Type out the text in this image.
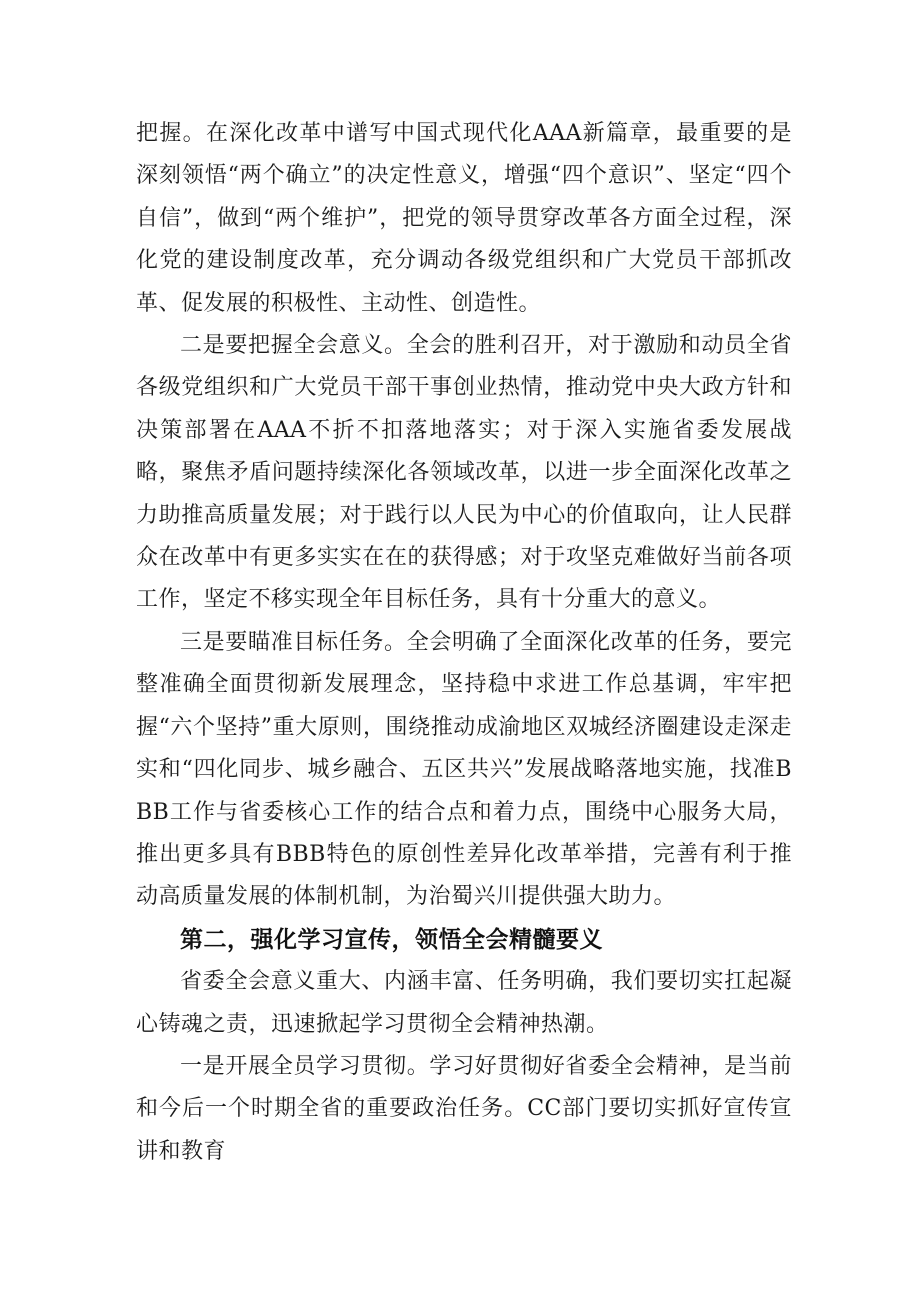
把握。在深化改革中谱写中国式现代化AAA新篇章，最重要的是深刻领悟“两个确立”的决定性意义，增强“四个意识”、坚定“四个自信”，做到“两个维护”，把党的领导贯穿改革各方面全过程，深化党的建设制度改革，充分调动各级党组织和广大党员干部抓改革、促发展的积极性、主动性、创造性。

二是要把握全会意义。全会的胜利召开，对于激励和动员全省各级党组织和广大党员干部干事创业热情，推动党中央大政方针和决策部署在AAA不折不扣落地落实；对于深入实施省委发展战略，聚焦矛盾问题持续深化各领域改革，以进一步全面深化改革之力助推高质量发展；对于践行以人民为中心的价值取向，让人民群众在改革中有更多实实在在的获得感；对于攻坚克难做好当前各项工作，坚定不移实现全年目标任务，具有十分重大的意义。

三是要瞄准目标任务。全会明确了全面深化改革的任务，要完整准确全面贯彻新发展理念，坚持稳中求进工作总基调，牢牢把握“六个坚持”重大原则，围绕推动成渝地区双城经济圈建设走深走实和“四化同步、城乡融合、五区共兴”发展战略落地实施，找准BBB工作与省委核心工作的结合点和着力点，围绕中心服务大局，推出更多具有BBB特色的原创性差异化改革举措，完善有利于推动高质量发展的体制机制，为治蜀兴川提供强大助力。

第二，强化学习宣传，领悟全会精髓要义

省委全会意义重大、内涵丰富、任务明确，我们要切实扛起凝心铸魂之责，迅速掀起学习贯彻全会精神热潮。

一是开展全员学习贯彻。学习好贯彻好省委全会精神，是当前和今后一个时期全省的重要政治任务。CC部门要切实抓好宣传宣讲和教育
